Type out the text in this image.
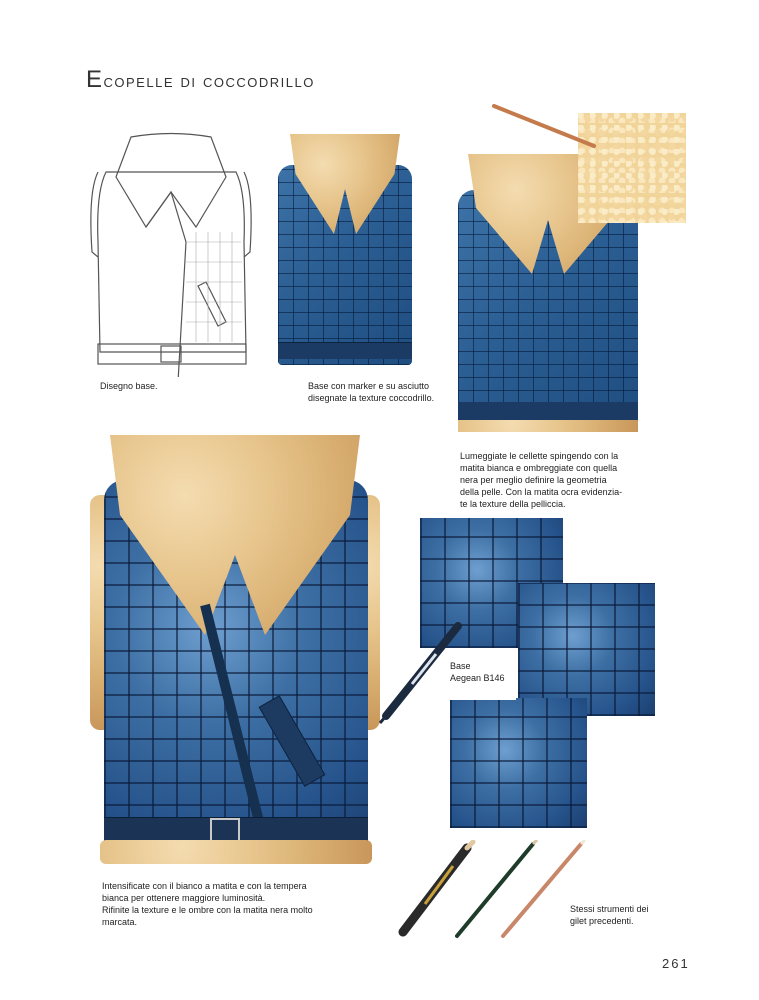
Ecopelle di coccodrillo
Disegno base.	Base con marker e su asciutto
disegnate la texture coccodrillo.
Lumeggiate le cellette spingendo con la
matita bianca e ombreggiate con quella
nera per meglio definire la geometria
della pelle. Con la matita ocra evidenzia-
te la texture della pelliccia.
Intensificate con il bianco a matita e con la tempera
bianca per ottenere maggiore luminosità.
Rifinite la texture e le ombre con la matita nera molto
marcata.
Base
Aegean B146
Stessi strumenti dei
gilet precedenti.
261
